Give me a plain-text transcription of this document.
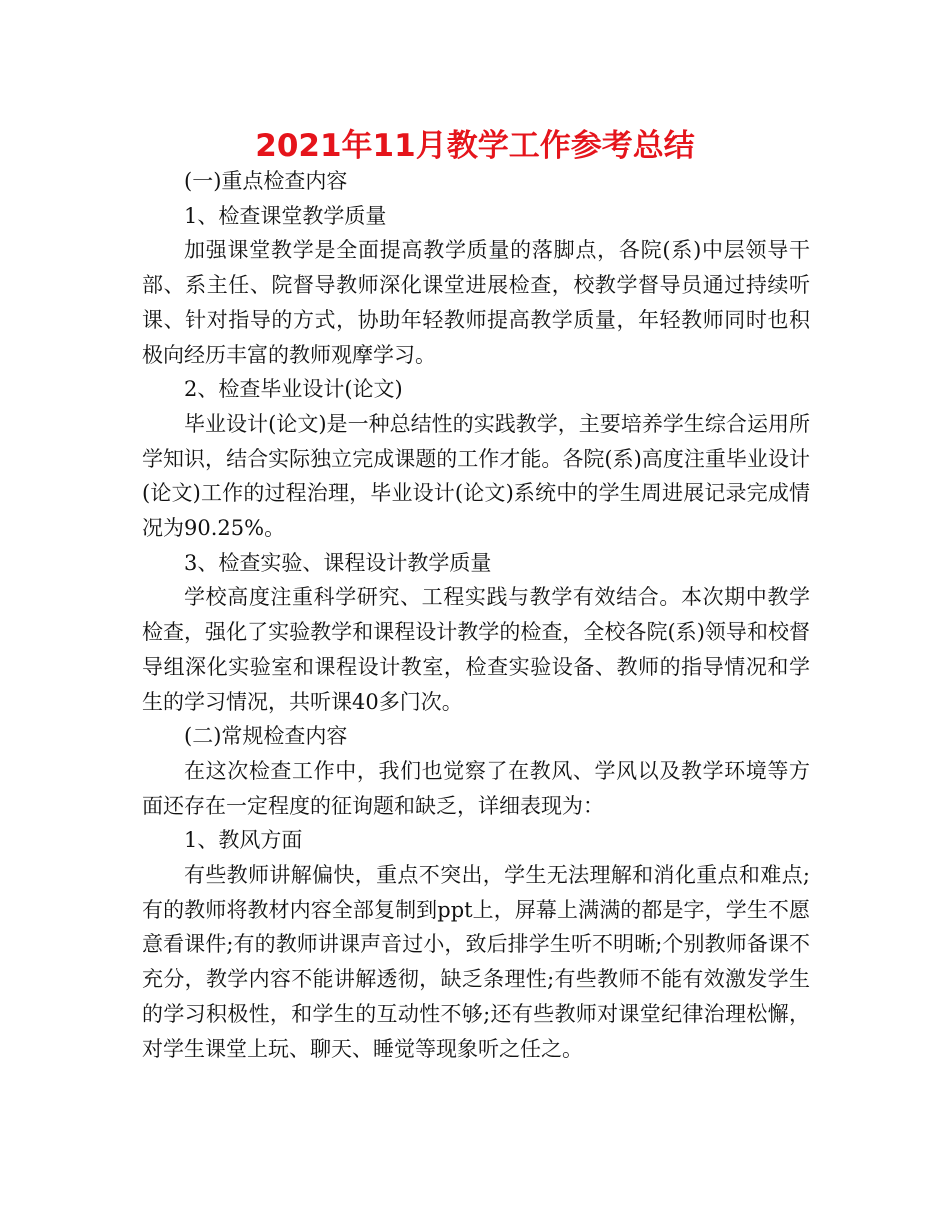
2021年11月教学工作参考总结

(一)重点检查内容

1、检查课堂教学质量

加强课堂教学是全面提高教学质量的落脚点，各院(系)中层领导干部、系主任、院督导教师深化课堂进展检查，校教学督导员通过持续听课、针对指导的方式，协助年轻教师提高教学质量，年轻教师同时也积极向经历丰富的教师观摩学习。

2、检查毕业设计(论文)

毕业设计(论文)是一种总结性的实践教学，主要培养学生综合运用所学知识，结合实际独立完成课题的工作才能。各院(系)高度注重毕业设计(论文)工作的过程治理，毕业设计(论文)系统中的学生周进展记录完成情况为90.25%。

3、检查实验、课程设计教学质量

学校高度注重科学研究、工程实践与教学有效结合。本次期中教学检查，强化了实验教学和课程设计教学的检查，全校各院(系)领导和校督导组深化实验室和课程设计教室，检查实验设备、教师的指导情况和学生的学习情况，共听课40多门次。

(二)常规检查内容

在这次检查工作中，我们也觉察了在教风、学风以及教学环境等方面还存在一定程度的征询题和缺乏，详细表现为：

1、教风方面

有些教师讲解偏快，重点不突出，学生无法理解和消化重点和难点;有的教师将教材内容全部复制到ppt上，屏幕上满满的都是字，学生不愿意看课件;有的教师讲课声音过小，致后排学生听不明晰;个别教师备课不充分，教学内容不能讲解透彻，缺乏条理性;有些教师不能有效激发学生的学习积极性，和学生的互动性不够;还有些教师对课堂纪律治理松懈，对学生课堂上玩、聊天、睡觉等现象听之任之。
